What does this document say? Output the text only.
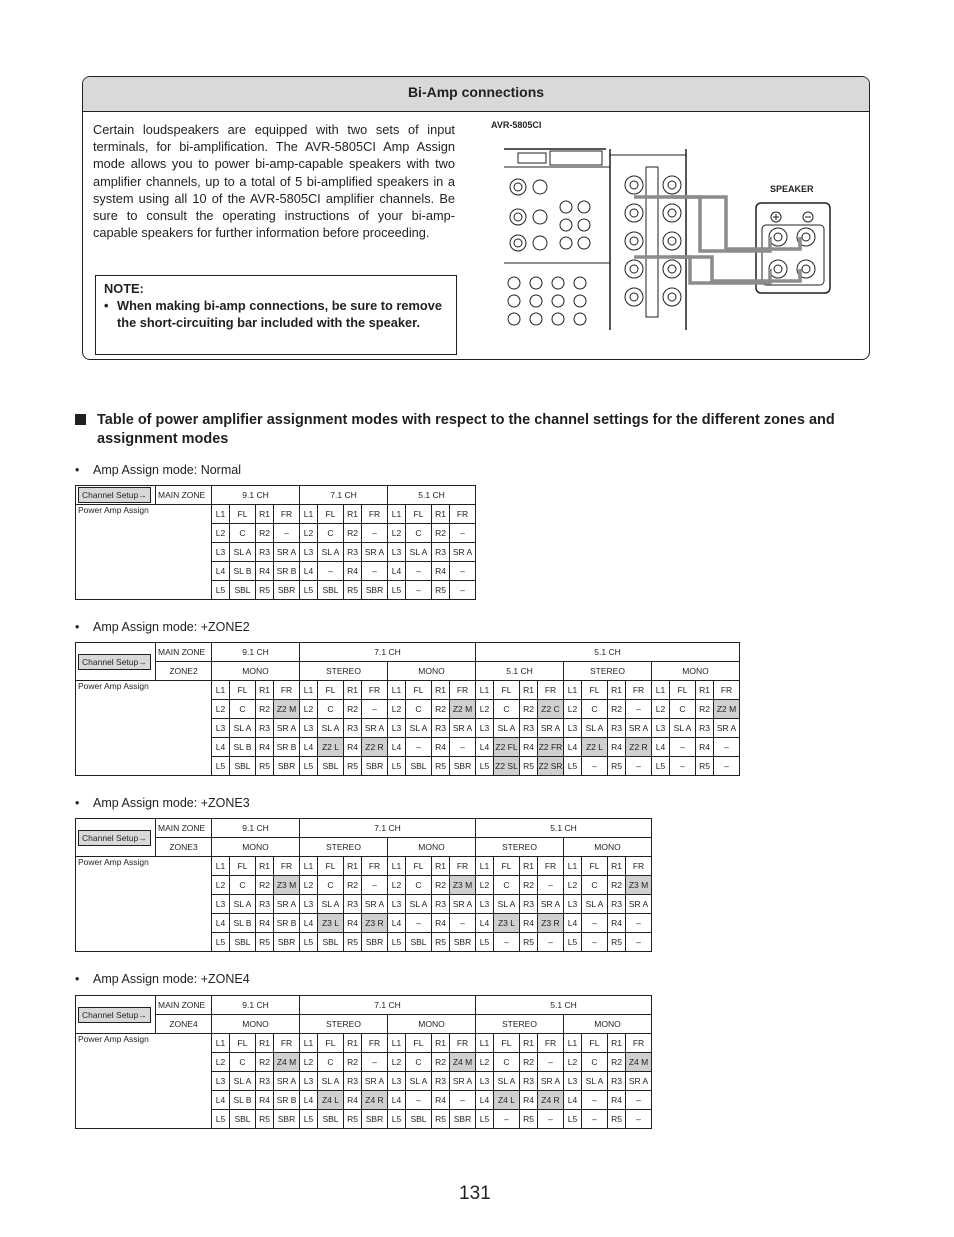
Bi-Amp connections
Certain loudspeakers are equipped with two sets of input terminals, for bi-amplification. The AVR-5805CI Amp Assign mode allows you to power bi-amp-capable speakers with two amplifier channels, up to a total of 5 bi-amplified speakers in a system using all 10 of the AVR-5805CI amplifier channels. Be sure to consult the operating instructions of your bi-amp-capable speakers for further information before proceeding.
NOTE:
• When making bi-amp connections, be sure to remove the short-circuiting bar included with the speaker.
AVR-5805CI
SPEAKER
Table of power amplifier assignment modes with respect to the channel settings for the different zones and assignment modes
• Amp Assign mode: Normal
• Amp Assign mode: +ZONE2
• Amp Assign mode: +ZONE3
• Amp Assign mode: +ZONE4
Channel Setup→	MAIN ZONE	9.1 CH				7.1 CH				5.1 CH			
Power Amp Assign		L1	FL	R1	FR	L1	FL	R1	FR	L1	FL	R1	FR
		L2	C	R2	–	L2	C	R2	–	L2	C	R2	–
		L3	SL A	R3	SR A	L3	SL A	R3	SR A	L3	SL A	R3	SR A
		L4	SL B	R4	SR B	L4	–	R4	–	L4	–	R4	–
		L5	SBL	R5	SBR	L5	SBL	R5	SBR	L5	–	R5	–
Channel Setup→	MAIN ZONE	9.1 CH				7.1 CH								5.1 CH											
	ZONE2	MONO				STEREO				MONO				5.1 CH				STEREO				MONO			
Power Amp Assign		L1	FL	R1	FR	L1	FL	R1	FR	L1	FL	R1	FR	L1	FL	R1	FR	L1	FL	R1	FR	L1	FL	R1	FR
		L2	C	R2	Z2 M	L2	C	R2	–	L2	C	R2	Z2 M	L2	C	R2	Z2 C	L2	C	R2	–	L2	C	R2	Z2 M
		L3	SL A	R3	SR A	L3	SL A	R3	SR A	L3	SL A	R3	SR A	L3	SL A	R3	SR A	L3	SL A	R3	SR A	L3	SL A	R3	SR A
		L4	SL B	R4	SR B	L4	Z2 L	R4	Z2 R	L4	–	R4	–	L4	Z2 FL	R4	Z2 FR	L4	Z2 L	R4	Z2 R	L4	–	R4	–
		L5	SBL	R5	SBR	L5	SBL	R5	SBR	L5	SBL	R5	SBR	L5	Z2 SL	R5	Z2 SR	L5	–	R5	–	L5	–	R5	–
Channel Setup→	MAIN ZONE	9.1 CH				7.1 CH								5.1 CH							
	ZONE3	MONO				STEREO				MONO				STEREO				MONO			
Power Amp Assign		L1	FL	R1	FR	L1	FL	R1	FR	L1	FL	R1	FR	L1	FL	R1	FR	L1	FL	R1	FR
		L2	C	R2	Z3 M	L2	C	R2	–	L2	C	R2	Z3 M	L2	C	R2	–	L2	C	R2	Z3 M
		L3	SL A	R3	SR A	L3	SL A	R3	SR A	L3	SL A	R3	SR A	L3	SL A	R3	SR A	L3	SL A	R3	SR A
		L4	SL B	R4	SR B	L4	Z3 L	R4	Z3 R	L4	–	R4	–	L4	Z3 L	R4	Z3 R	L4	–	R4	–
		L5	SBL	R5	SBR	L5	SBL	R5	SBR	L5	SBL	R5	SBR	L5	–	R5	–	L5	–	R5	–
Channel Setup→	MAIN ZONE	9.1 CH				7.1 CH								5.1 CH							
	ZONE4	MONO				STEREO				MONO				STEREO				MONO			
Power Amp Assign		L1	FL	R1	FR	L1	FL	R1	FR	L1	FL	R1	FR	L1	FL	R1	FR	L1	FL	R1	FR
		L2	C	R2	Z4 M	L2	C	R2	–	L2	C	R2	Z4 M	L2	C	R2	–	L2	C	R2	Z4 M
		L3	SL A	R3	SR A	L3	SL A	R3	SR A	L3	SL A	R3	SR A	L3	SL A	R3	SR A	L3	SL A	R3	SR A
		L4	SL B	R4	SR B	L4	Z4 L	R4	Z4 R	L4	–	R4	–	L4	Z4 L	R4	Z4 R	L4	–	R4	–
		L5	SBL	R5	SBR	L5	SBL	R5	SBR	L5	SBL	R5	SBR	L5	–	R5	–	L5	–	R5	–
131
